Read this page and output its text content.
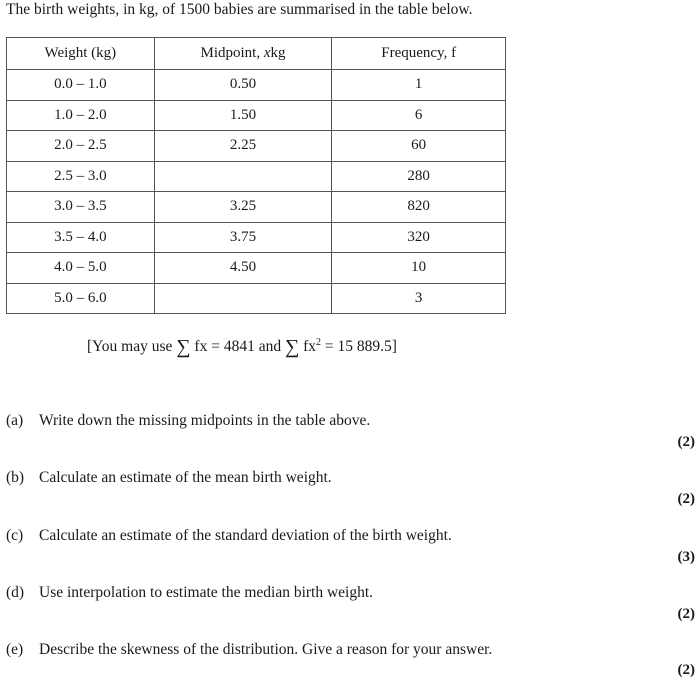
The birth weights, in kg, of 1500 babies are summarised in the table below.
Weight (kg)	Midpoint, xkg	Frequency, f
0.0 – 1.0	0.50	1
1.0 – 2.0	1.50	6
2.0 – 2.5	2.25	60
2.5 – 3.0		280
3.0 – 3.5	3.25	820
3.5 – 4.0	3.75	320
4.0 – 5.0	4.50	10
5.0 – 6.0		3
[You may use ∑ fx = 4841 and ∑ $fx^2 = 15$ 889.5]
(a) Write down the missing midpoints in the table above.
(2)
(b) Calculate an estimate of the mean birth weight.
(2)
(c) Calculate an estimate of the standard deviation of the birth weight.
(3)
(d) Use interpolation to estimate the median birth weight.
(2)
(e) Describe the skewness of the distribution. Give a reason for your answer.
(2)
